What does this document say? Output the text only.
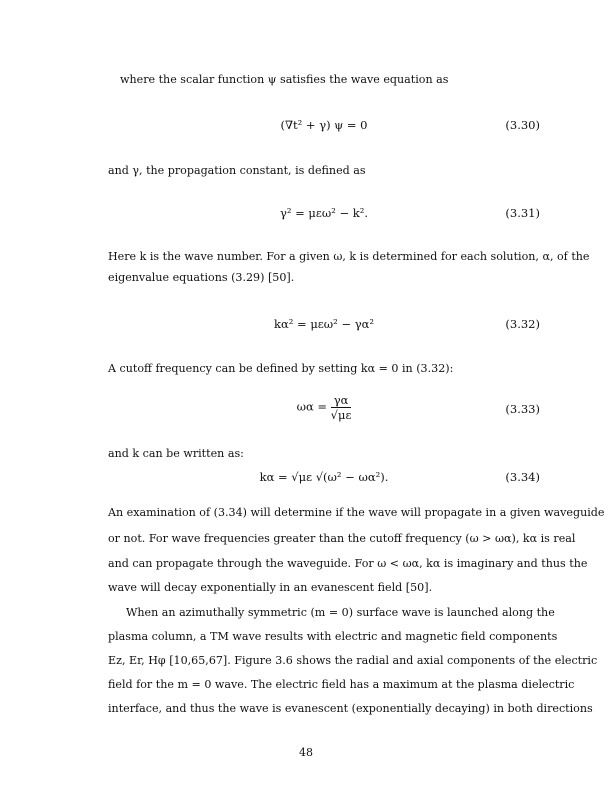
where the scalar function ψ satisfies the wave equation as
(∇t² + γ) ψ = 0	(3.30)
and γ, the propagation constant, is defined as
γ² = μεω² − k².	(3.31)
Here k is the wave number. For a given ω, k is determined for each solution, α, of the
eigenvalue equations (3.29) [50].
kα² = μεω² − γα²	(3.32)
A cutoff frequency can be defined by setting kα = 0 in (3.32):
$\omega\alpha = \frac{\gamma\alpha}{√\mu\varepsilon}$	(3.33)
and k can be written as:
kα = √με √(ω² − ωα²).	(3.34)
An examination of (3.34) will determine if the wave will propagate in a given waveguide
or not. For wave frequencies greater than the cutoff frequency (ω > ωα), kα is real
and can propagate through the waveguide. For ω < ωα, kα is imaginary and thus the
wave will decay exponentially in an evanescent field [50].
When an azimuthally symmetric (m = 0) surface wave is launched along the
plasma column, a TM wave results with electric and magnetic field components
Ez, Er, Hφ [10,65,67]. Figure 3.6 shows the radial and axial components of the electric
field for the m = 0 wave. The electric field has a maximum at the plasma dielectric
interface, and thus the wave is evanescent (exponentially decaying) in both directions
48
